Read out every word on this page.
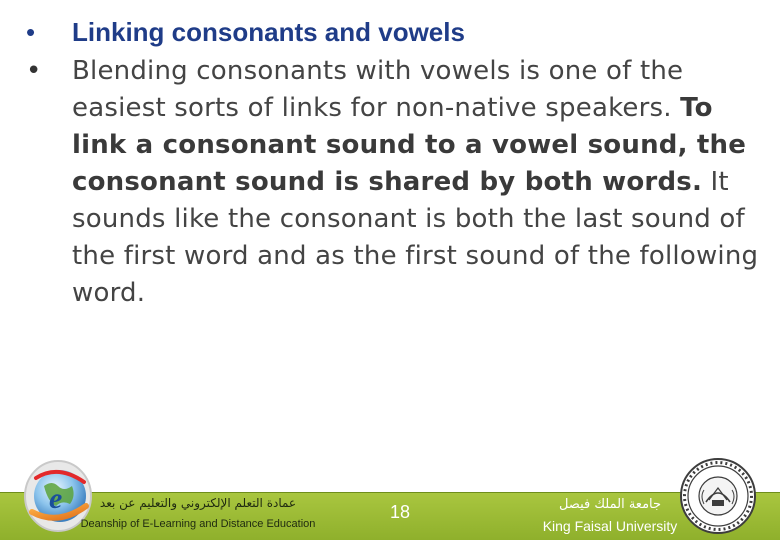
•	Linking consonants and vowels
•	Blending consonants with vowels is one of the easiest sorts of links for non-native speakers. To link a consonant sound to a vowel sound, the consonant sound is shared by both words. It sounds like the consonant is both the last sound of the first word and as the first sound of the following word.
e	عمادة التعلم الإلكتروني والتعليم عن بعد
Deanship of E-Learning and Distance Education
18	جامعة الملك فيصل
King Faisal University
